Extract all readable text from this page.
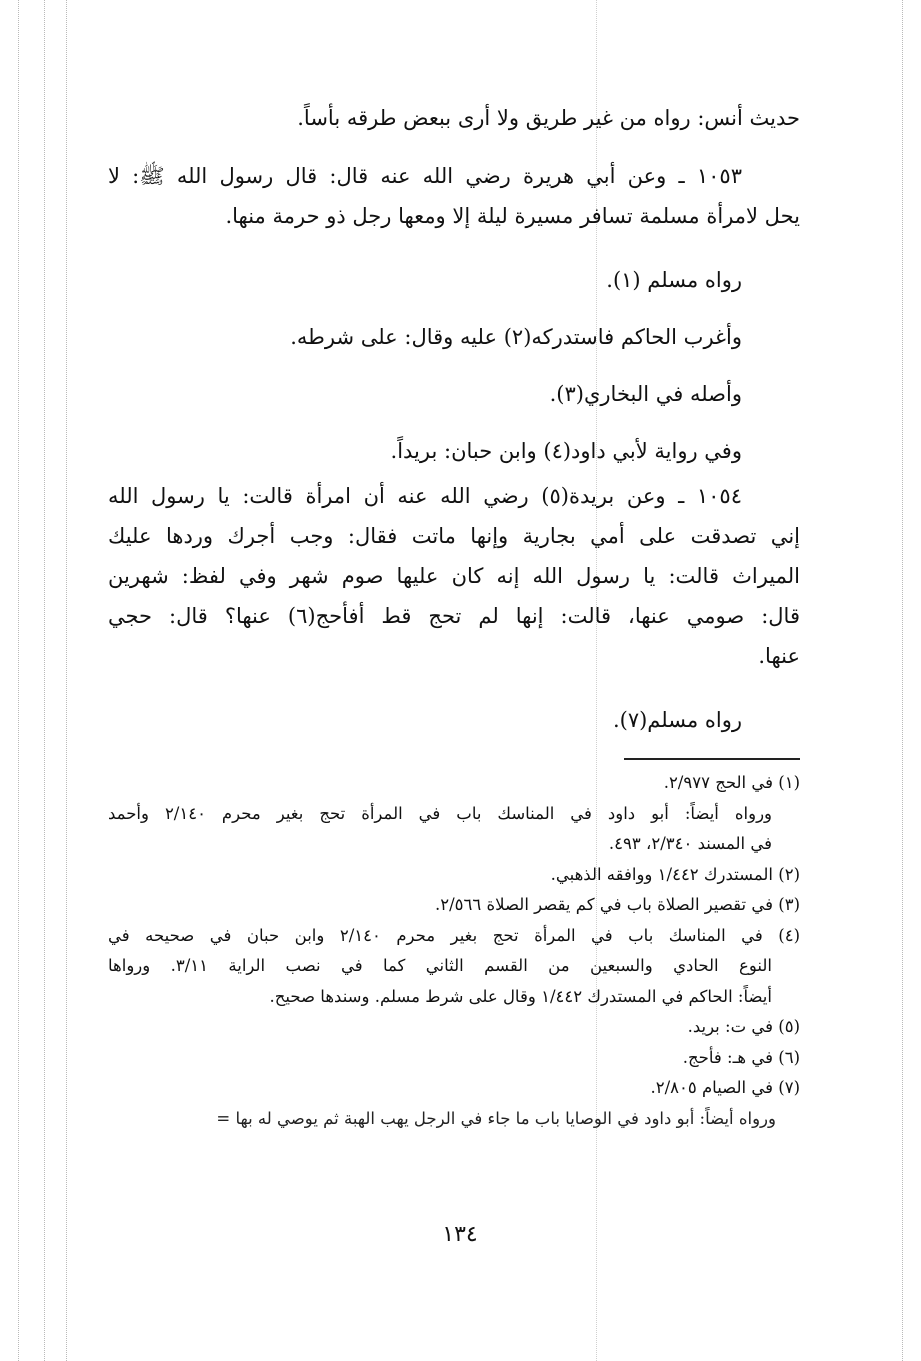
حديث أنس: رواه من غير طريق ولا أرى ببعض طرقه بأساً.

١٠٥٣ ـ وعن أبي هريرة رضي الله عنه قال: قال رسول الله ﷺ: لا

يحل لامرأة مسلمة تسافر مسيرة ليلة إلا ومعها رجل ذو حرمة منها.

رواه مسلم (١).

وأغرب الحاكم فاستدركه(٢) عليه وقال: على شرطه.

وأصله في البخاري(٣).

وفي رواية لأبي داود(٤) وابن حبان: بريداً.

١٠٥٤ ـ وعن بريدة(٥) رضي الله عنه أن امرأة قالت: يا رسول الله

إني تصدقت على أمي بجارية وإنها ماتت فقال: وجب أجرك وردها عليك

الميراث قالت: يا رسول الله إنه كان عليها صوم شهر وفي لفظ: شهرين

قال: صومي عنها، قالت: إنها لم تحج قط أفأحج(٦) عنها؟ قال: حجي

عنها.

رواه مسلم(٧).

(١) في الحج ٢/٩٧٧.

ورواه أيضاً: أبو داود في المناسك باب في المرأة تحج بغير محرم ٢/١٤٠ وأحمد

في المسند ٢/٣٤٠، ٤٩٣.

(٢) المستدرك ١/٤٤٢ ووافقه الذهبي.

(٣) في تقصير الصلاة باب في كم يقصر الصلاة ٢/٥٦٦.

(٤) في المناسك باب في المرأة تحج بغير محرم ٢/١٤٠ وابن حبان في صحيحه في

النوع الحادي والسبعين من القسم الثاني كما في نصب الراية ٣/١١. ورواها

أيضاً: الحاكم في المستدرك ١/٤٤٢ وقال على شرط مسلم. وسندها صحيح.

(٥) في ت: بريد.

(٦) في هـ: فأحج.

(٧) في الصيام ٢/٨٠٥.

ورواه أيضاً: أبو داود في الوصايا باب ما جاء في الرجل يهب الهبة ثم يوصي له بها =

١٣٤
